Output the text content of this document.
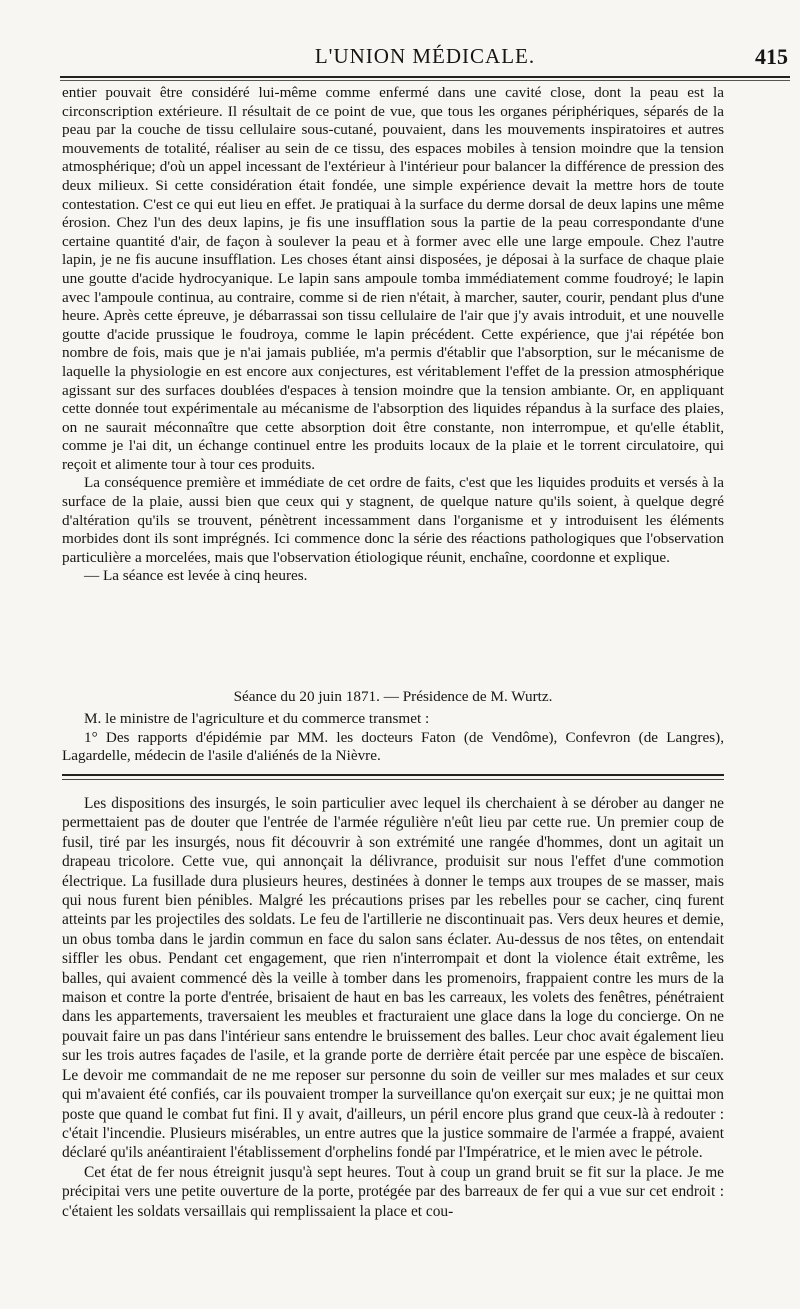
L'UNION MÉDICALE.	415

entier pouvait être considéré lui-même comme enfermé dans une cavité close, dont la peau est la circonscription extérieure. Il résultait de ce point de vue, que tous les organes périphériques, séparés de la peau par la couche de tissu cellulaire sous-cutané, pouvaient, dans les mouvements inspiratoires et autres mouvements de totalité, réaliser au sein de ce tissu, des espaces mobiles à tension moindre que la tension atmosphérique; d'où un appel incessant de l'extérieur à l'intérieur pour balancer la différence de pression des deux milieux. Si cette considération était fondée, une simple expérience devait la mettre hors de toute contestation. C'est ce qui eut lieu en effet. Je pratiquai à la surface du derme dorsal de deux lapins une même érosion. Chez l'un des deux lapins, je fis une insufflation sous la partie de la peau correspondante d'une certaine quantité d'air, de façon à soulever la peau et à former avec elle une large empoule. Chez l'autre lapin, je ne fis aucune insufflation. Les choses étant ainsi disposées, je déposai à la surface de chaque plaie une goutte d'acide hydrocyanique. Le lapin sans ampoule tomba immédiatement comme foudroyé; le lapin avec l'ampoule continua, au contraire, comme si de rien n'était, à marcher, sauter, courir, pendant plus d'une heure. Après cette épreuve, je débarrassai son tissu cellulaire de l'air que j'y avais introduit, et une nouvelle goutte d'acide prussique le foudroya, comme le lapin précédent. Cette expérience, que j'ai répétée bon nombre de fois, mais que je n'ai jamais publiée, m'a permis d'établir que l'absorption, sur le mécanisme de laquelle la physiologie en est encore aux conjectures, est véritablement l'effet de la pression atmosphérique agissant sur des surfaces doublées d'espaces à tension moindre que la tension ambiante. Or, en appliquant cette donnée tout expérimentale au mécanisme de l'absorption des liquides répandus à la surface des plaies, on ne saurait méconnaître que cette absorption doit être constante, non interrompue, et qu'elle établit, comme je l'ai dit, un échange continuel entre les produits locaux de la plaie et le torrent circulatoire, qui reçoit et alimente tour à tour ces produits.

La conséquence première et immédiate de cet ordre de faits, c'est que les liquides produits et versés à la surface de la plaie, aussi bien que ceux qui y stagnent, de quelque nature qu'ils soient, à quelque degré d'altération qu'ils se trouvent, pénètrent incessamment dans l'organisme et y introduisent les éléments morbides dont ils sont imprégnés. Ici commence donc la série des réactions pathologiques que l'observation particulière a morcelées, mais que l'observation étiologique réunit, enchaîne, coordonne et explique.

— La séance est levée à cinq heures.

Séance du 20 juin 1871. — Présidence de M. Wurtz.

M. le ministre de l'agriculture et du commerce transmet :

1° Des rapports d'épidémie par MM. les docteurs Faton (de Vendôme), Confevron (de Langres), Lagardelle, médecin de l'asile d'aliénés de la Nièvre.

Les dispositions des insurgés, le soin particulier avec lequel ils cherchaient à se dérober au danger ne permettaient pas de douter que l'entrée de l'armée régulière n'eût lieu par cette rue. Un premier coup de fusil, tiré par les insurgés, nous fit découvrir à son extrémité une rangée d'hommes, dont un agitait un drapeau tricolore. Cette vue, qui annonçait la délivrance, produisit sur nous l'effet d'une commotion électrique. La fusillade dura plusieurs heures, destinées à donner le temps aux troupes de se masser, mais qui nous furent bien pénibles. Malgré les précautions prises par les rebelles pour se cacher, cinq furent atteints par les projectiles des soldats. Le feu de l'artillerie ne discontinuait pas. Vers deux heures et demie, un obus tomba dans le jardin commun en face du salon sans éclater. Au-dessus de nos têtes, on entendait siffler les obus. Pendant cet engagement, que rien n'interrompait et dont la violence était extrême, les balles, qui avaient commencé dès la veille à tomber dans les promenoirs, frappaient contre les murs de la maison et contre la porte d'entrée, brisaient de haut en bas les carreaux, les volets des fenêtres, pénétraient dans les appartements, traversaient les meubles et fracturaient une glace dans la loge du concierge. On ne pouvait faire un pas dans l'intérieur sans entendre le bruissement des balles. Leur choc avait également lieu sur les trois autres façades de l'asile, et la grande porte de derrière était percée par une espèce de biscaïen. Le devoir me commandait de ne me reposer sur personne du soin de veiller sur mes malades et sur ceux qui m'avaient été confiés, car ils pouvaient tromper la surveillance qu'on exerçait sur eux; je ne quittai mon poste que quand le combat fut fini. Il y avait, d'ailleurs, un péril encore plus grand que ceux-là à redouter : c'était l'incendie. Plusieurs misérables, un entre autres que la justice sommaire de l'armée a frappé, avaient déclaré qu'ils anéantiraient l'établissement d'orphelins fondé par l'Impératrice, et le mien avec le pétrole.

Cet état de fer nous étreignit jusqu'à sept heures. Tout à coup un grand bruit se fit sur la place. Je me précipitai vers une petite ouverture de la porte, protégée par des barreaux de fer qui a vue sur cet endroit : c'étaient les soldats versaillais qui remplissaient la place et cou-
